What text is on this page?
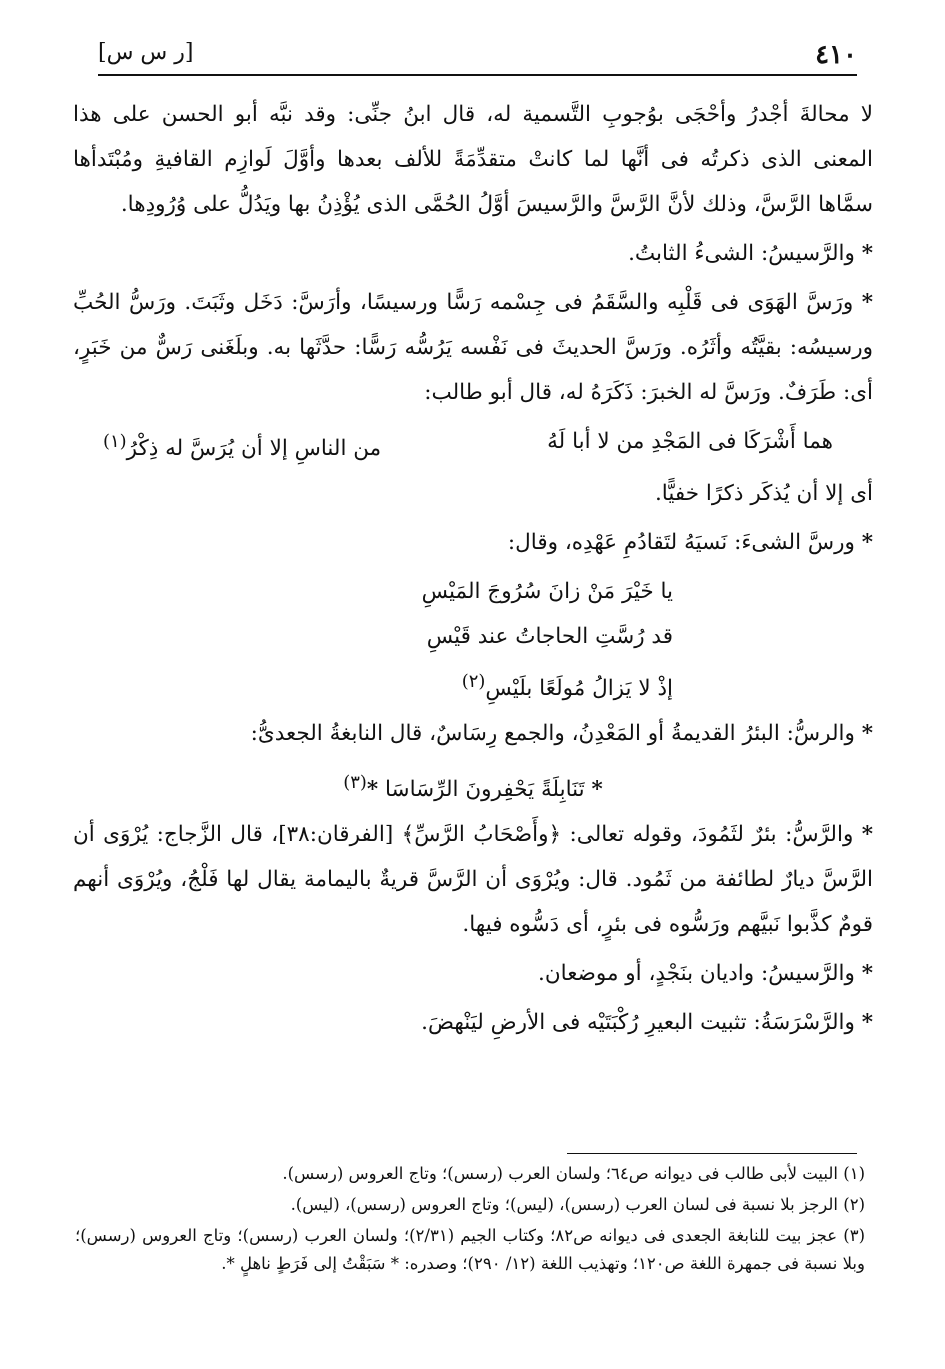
٤١٠
[ر س س]

لا محالةَ أجْدرُ وأحْجَى بوُجوبِ التَّسمية له، قال ابنُ جنِّى: وقد نبَّه أبو الحسن على هذا المعنى الذى ذكرتُه فى أنَّها لما كانتْ متقدِّمَةً للألف بعدها وأوَّلَ لَوازِم القافيةِ ومُبْتَدأها سمَّاها الرَّسَّ، وذلك لأنَّ الرَّسَّ والرَّسيسَ أوَّلُ الحُمَّى الذى يُؤْذِنُ بها ويَدُلُّ على وُرُودِها.

* والرَّسيسُ: الشىءُ الثابتُ.

* ورَسَّ الهَوَى فى قَلْبِه والسَّقَمُ فى جِسْمه رَسًّا ورسيسًا، وأرَسَّ: دَخَل وثَبَتَ. ورَسُّ الحُبِّ ورسيسُه: بقيَّتُه وأثَرُه. ورَسَّ الحديثَ فى نَفْسه يَرُسُّه رَسًّا: حدَّثَها به. وبلَغَنى رَسٌّ من خَبَرٍ، أى: طَرَفٌ. ورَسَّ له الخبرَ: ذَكَرَهُ له، قال أبو طالب:

هما أَشْرَكَا فى المَجْدِ من لا أبا لَهُ
من الناسِ إلا أن يُرَسَّ له ذِكْرُ$^{(١)}$

أى إلا أن يُذكَر ذكرًا خفيًّا.

* ورسَّ الشىءَ: نَسيَهُ لتَقادُمِ عَهْدِه، وقال:

يا خَيْرَ مَنْ زانَ سُرُوجَ المَيْسِ
قد رُسَّتِ الحاجاتُ عند قَيْسِ
إذْ لا يَزالُ مُولَعًا بلَيْسِ$^{(٢)}$

* والرسُّ: البئرُ القديمةُ أو المَعْدِنُ، والجمع رِسَاسٌ، قال النابغةُ الجعدىُّ:

* تَنَابِلَةً يَحْفِرونَ الرِّسَاسَا *$^{(٣)}$

* والرَّسُّ: بئرٌ لثَمُودَ، وقوله تعالى: ﴿وأَصْحَابُ الرَّسِّ﴾ [الفرقان:٣٨]، قال الزَّجاج: يُرْوَى أن الرَّسَّ ديارٌ لطائفة من ثَمُود. قال: ويُرْوَى أن الرَّسَّ قريةٌ باليمامة يقال لها فَلْجُ، ويُرْوَى أنهم قومٌ كذَّبوا نَبيَّهم ورَسُّوه فى بئرٍ، أى دَسُّوه فيها.

* والرَّسيسُ: واديان بنَجْدٍ، أو موضعان.

* والرَّسْرَسَةُ: تثبيت البعيرِ رُكْبَتَيْه فى الأرضِ ليَنْهضَ.

(١) البيت لأبى طالب فى ديوانه ص٦٤؛ ولسان العرب (رسس)؛ وتاج العروس (رسس).

(٢) الرجز بلا نسبة فى لسان العرب (رسس)، (ليس)؛ وتاج العروس (رسس)، (ليس).

(٣) عجز بيت للنابغة الجعدى فى ديوانه ص٨٢؛ وكتاب الجيم (٢/٣١)؛ ولسان العرب (رسس)؛ وتاج العروس (رسس)؛ وبلا نسبة فى جمهرة اللغة ص١٢٠؛ وتهذيب اللغة (١٢/ ٢٩٠)؛ وصدره: * سَبَقْتُ إلى فَرَطٍ ناهلٍ *.
